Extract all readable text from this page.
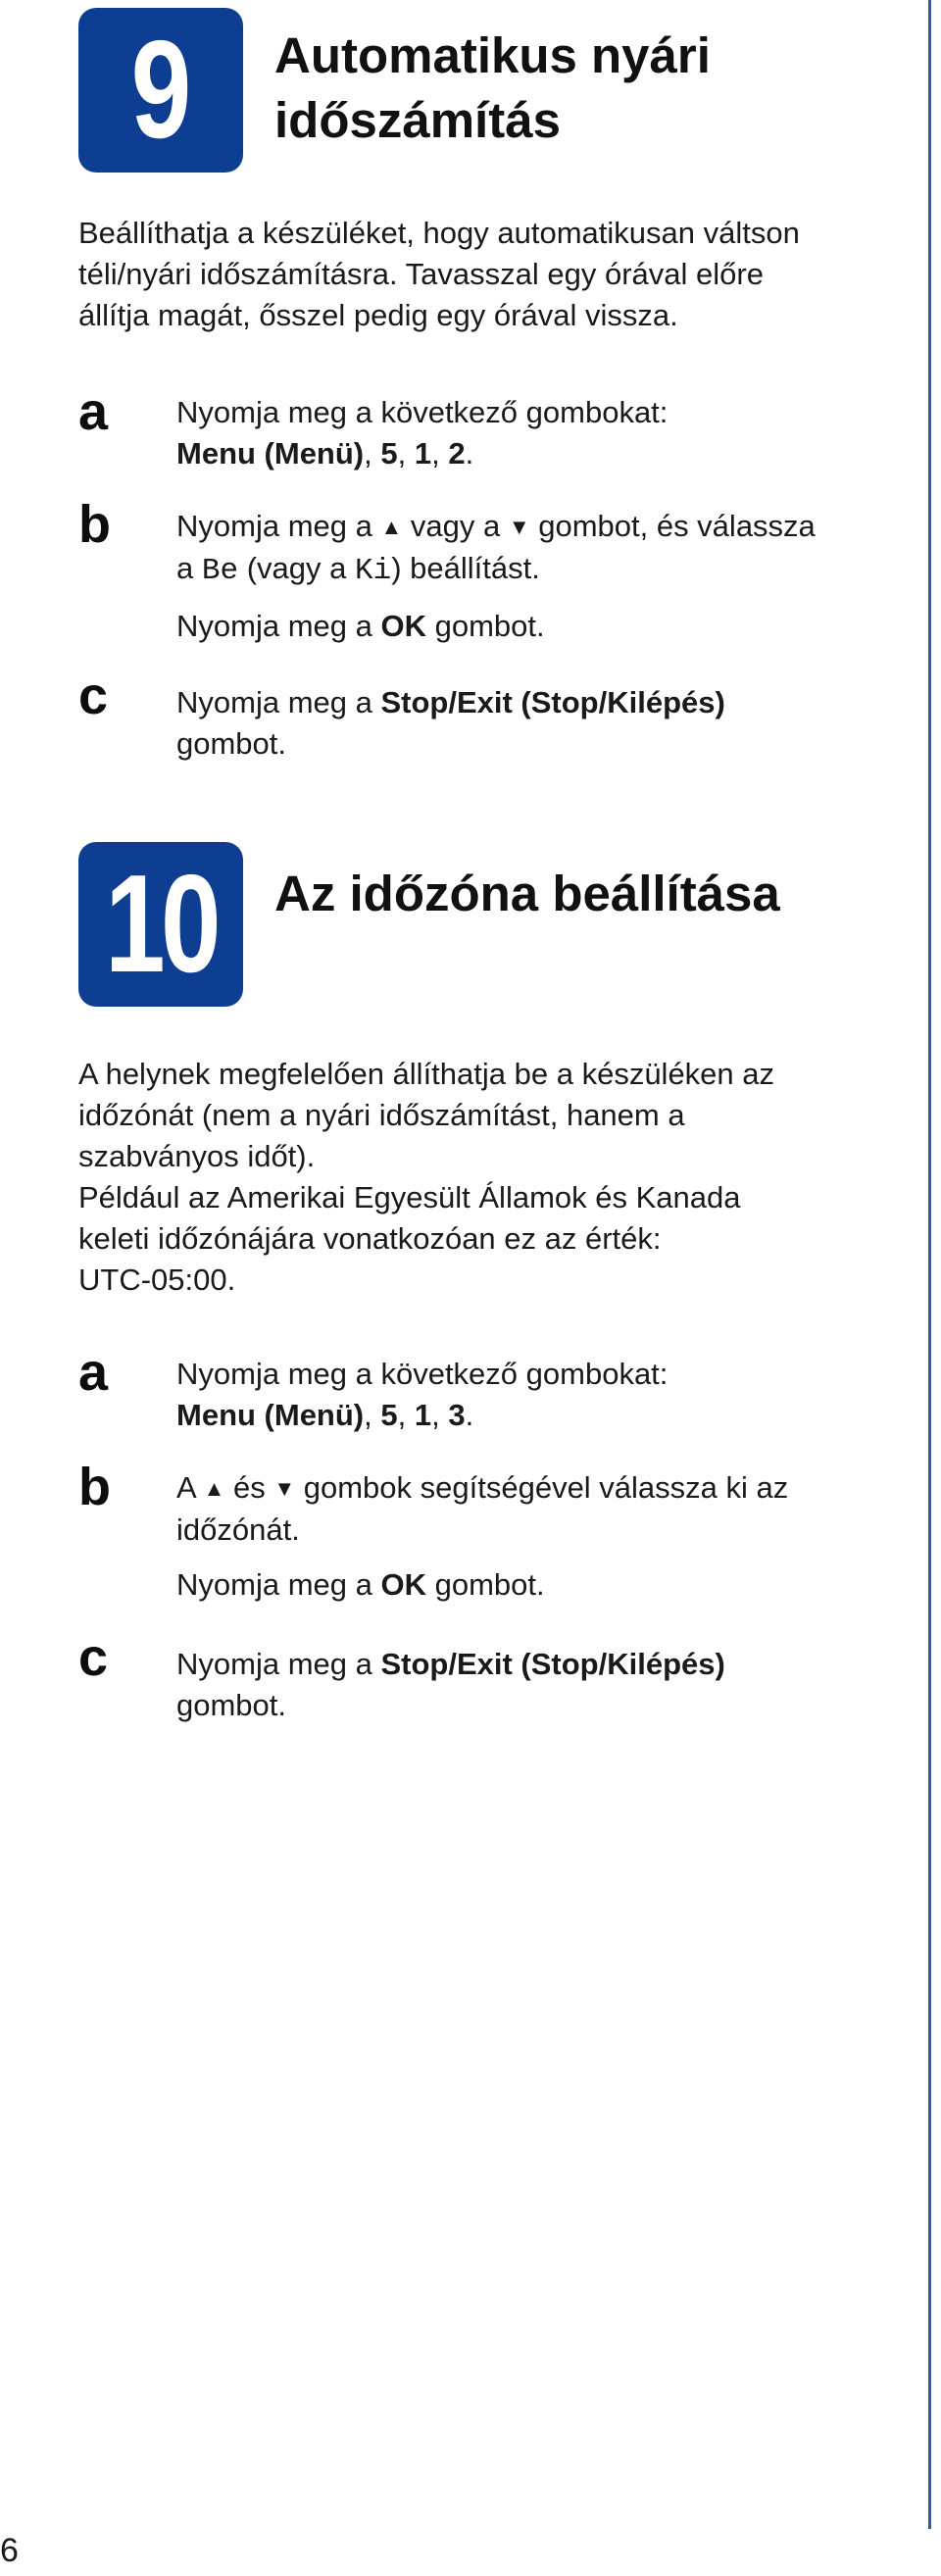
9 Automatikus nyári
időszámítás
Beállíthatja a készüléket, hogy automatikusan váltson
téli/nyári időszámításra. Tavasszal egy órával előre
állítja magát, ősszel pedig egy órával vissza.
a Nyomja meg a következő gombokat:
Menu (Menü), 5, 1, 2.
b Nyomja meg a ▲ vagy a ▼ gombot, és válassza
a Be (vagy a Ki) beállítást.
Nyomja meg a OK gombot.
c Nyomja meg a Stop/Exit (Stop/Kilépés)
gombot.
10 Az időzóna beállítása
A helynek megfelelően állíthatja be a készüléken az
időzónát (nem a nyári időszámítást, hanem a
szabványos időt).
Például az Amerikai Egyesült Államok és Kanada
keleti időzónájára vonatkozóan ez az érték:
UTC-05:00.
a Nyomja meg a következő gombokat:
Menu (Menü), 5, 1, 3.
b A ▲ és ▼ gombok segítségével válassza ki az
időzónát.
Nyomja meg a OK gombot.
c Nyomja meg a Stop/Exit (Stop/Kilépés)
gombot.
6
